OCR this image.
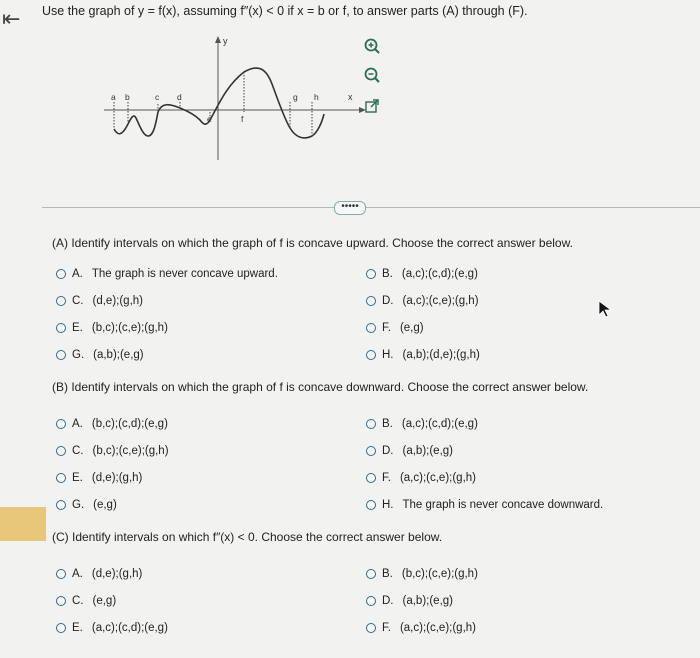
⇤ Use the graph of y = f(x), assuming f″(x) < 0 if x = b or f, to answer parts (A) through (F).
y
x
a b	c d
e	f
g h
•••••
(A) Identify intervals on which the graph of f is concave upward. Choose the correct answer below.
A. The graph is never concave upward.	B. (a,c);(c,d);(e,g)
C. (d,e);(g,h)	D. (a,c);(c,e);(g,h)
E. (b,c);(c,e);(g,h)	F. (e,g)
G. (a,b);(e,g)	H. (a,b);(d,e);(g,h)
(B) Identify intervals on which the graph of f is concave downward. Choose the correct answer below.
A. (b,c);(c,d);(e,g)	B. (a,c);(c,d);(e,g)
C. (b,c);(c,e);(g,h)	D. (a,b);(e,g)
E. (d,e);(g,h)	F. (a,c);(c,e);(g,h)
G. (e,g)	H. The graph is never concave downward.
(C) Identify intervals on which f″(x) < 0. Choose the correct answer below.
A. (d,e);(g,h)	B. (b,c);(c,e);(g,h)
C. (e,g)	D. (a,b);(e,g)
E. (a,c);(c,d);(e,g)	F. (a,c);(c,e);(g,h)
